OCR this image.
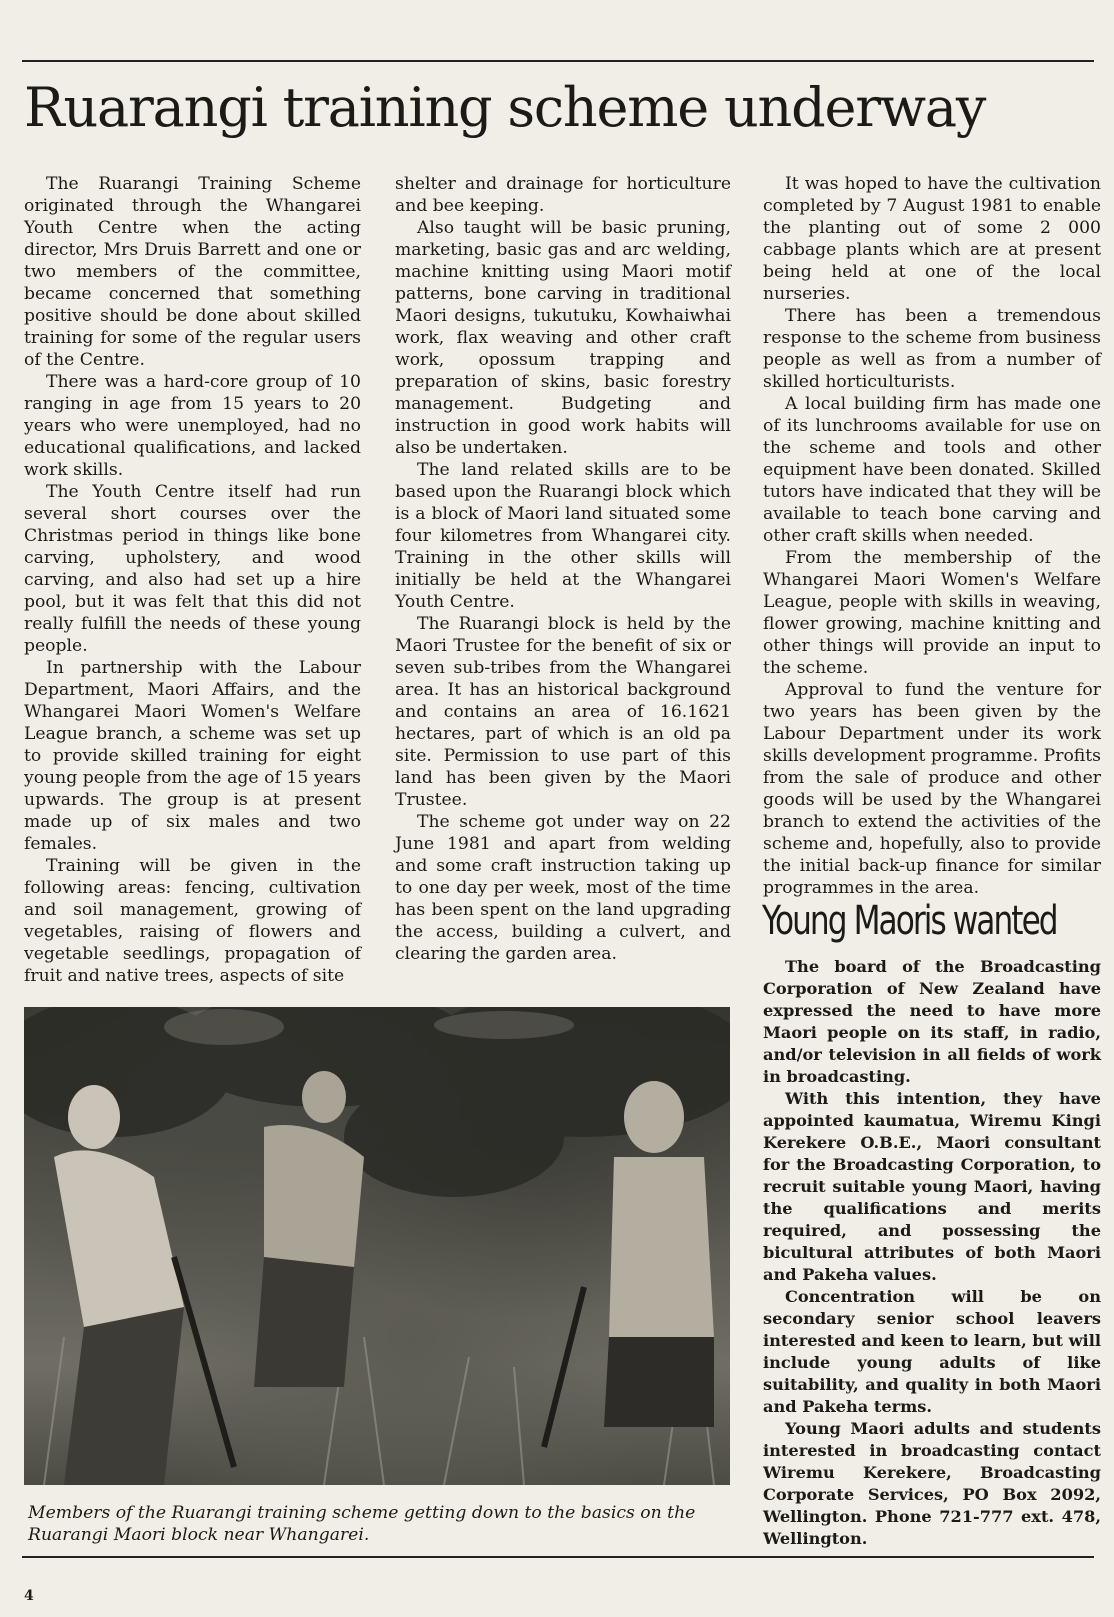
Ruarangi training scheme underway

The Ruarangi Training Scheme originated through the Whangarei Youth Centre when the acting director, Mrs Druis Barrett and one or two members of the committee, became concerned that something positive should be done about skilled training for some of the regular users of the Centre.

There was a hard-core group of 10 ranging in age from 15 years to 20 years who were unemployed, had no educational qualifications, and lacked work skills.

The Youth Centre itself had run several short courses over the Christmas period in things like bone carving, upholstery, and wood carving, and also had set up a hire pool, but it was felt that this did not really fulfill the needs of these young people.

In partnership with the Labour Department, Maori Affairs, and the Whangarei Maori Women's Welfare League branch, a scheme was set up to provide skilled training for eight young people from the age of 15 years upwards. The group is at present made up of six males and two females.

Training will be given in the following areas: fencing, cultivation and soil management, growing of vegetables, raising of flowers and vegetable seedlings, propagation of fruit and native trees, aspects of site

shelter and drainage for horticulture and bee keeping.

Also taught will be basic pruning, marketing, basic gas and arc welding, machine knitting using Maori motif patterns, bone carving in traditional Maori designs, tukutuku, Kowhaiwhai work, flax weaving and other craft work, opossum trapping and preparation of skins, basic forestry management. Budgeting and instruction in good work habits will also be undertaken.

The land related skills are to be based upon the Ruarangi block which is a block of Maori land situated some four kilometres from Whangarei city. Training in the other skills will initially be held at the Whangarei Youth Centre.

The Ruarangi block is held by the Maori Trustee for the benefit of six or seven sub-tribes from the Whangarei area. It has an historical background and contains an area of 16.1621 hectares, part of which is an old pa site. Permission to use part of this land has been given by the Maori Trustee.

The scheme got under way on 22 June 1981 and apart from welding and some craft instruction taking up to one day per week, most of the time has been spent on the land upgrading the access, building a culvert, and clearing the garden area.

It was hoped to have the cultivation completed by 7 August 1981 to enable the planting out of some 2 000 cabbage plants which are at present being held at one of the local nurseries.

There has been a tremendous response to the scheme from business people as well as from a number of skilled horticulturists.

A local building firm has made one of its lunchrooms available for use on the scheme and tools and other equipment have been donated. Skilled tutors have indicated that they will be available to teach bone carving and other craft skills when needed.

From the membership of the Whangarei Maori Women's Welfare League, people with skills in weaving, flower growing, machine knitting and other things will provide an input to the scheme.

Approval to fund the venture for two years has been given by the Labour Department under its work skills development programme. Profits from the sale of produce and other goods will be used by the Whangarei branch to extend the activities of the scheme and, hopefully, also to provide the initial back-up finance for similar programmes in the area.

Young Maoris wanted

The board of the Broadcasting Corporation of New Zealand have expressed the need to have more Maori people on its staff, in radio, and/or television in all fields of work in broadcasting.

With this intention, they have appointed kaumatua, Wiremu Kingi Kerekere O.B.E., Maori consultant for the Broadcasting Corporation, to recruit suitable young Maori, having the qualifications and merits required, and possessing the bicultural attributes of both Maori and Pakeha values.

Concentration will be on secondary senior school leavers interested and keen to learn, but will include young adults of like suitability, and quality in both Maori and Pakeha terms.

Young Maori adults and students interested in broadcasting contact Wiremu Kerekere, Broadcasting Corporate Services, PO Box 2092, Wellington. Phone 721-777 ext. 478, Wellington.

Members of the Ruarangi training scheme getting down to the basics on the Ruarangi Maori block near Whangarei.
4
